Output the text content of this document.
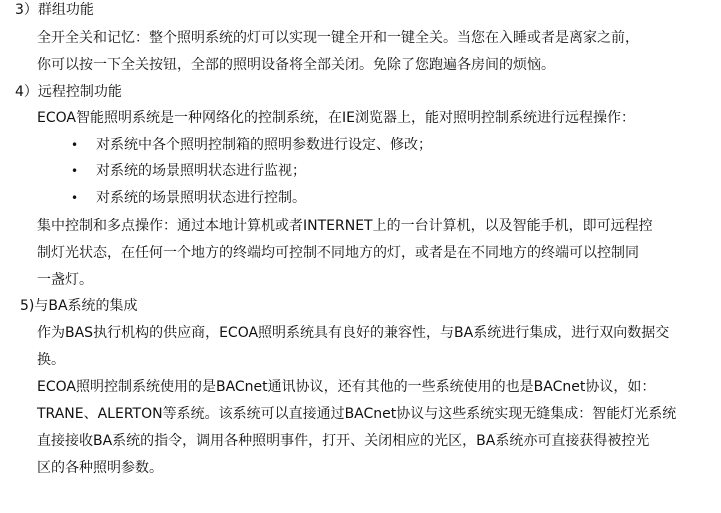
3）群组功能
全开全关和记忆：整个照明系统的灯可以实现一键全开和一键全关。当您在入睡或者是离家之前，
你可以按一下全关按钮，全部的照明设备将全部关闭。免除了您跑遍各房间的烦恼。
4）远程控制功能
ECOA智能照明系统是一种网络化的控制系统，在IE浏览器上，能对照明控制系统进行远程操作：
• 对系统中各个照明控制箱的照明参数进行设定、修改；
• 对系统的场景照明状态进行监视；
• 对系统的场景照明状态进行控制。
集中控制和多点操作：通过本地计算机或者INTERNET上的一台计算机，以及智能手机，即可远程控
制灯光状态，在任何一个地方的终端均可控制不同地方的灯，或者是在不同地方的终端可以控制同
一盏灯。
5)与BA系统的集成
作为BAS执行机构的供应商，ECOA照明系统具有良好的兼容性，与BA系统进行集成，进行双向数据交
换。
ECOA照明控制系统使用的是BACnet通讯协议，还有其他的一些系统使用的也是BACnet协议，如：
TRANE、ALERTON等系统。该系统可以直接通过BACnet协议与这些系统实现无缝集成：智能灯光系统
直接接收BA系统的指令，调用各种照明事件，打开、关闭相应的光区，BA系统亦可直接获得被控光
区的各种照明参数。
